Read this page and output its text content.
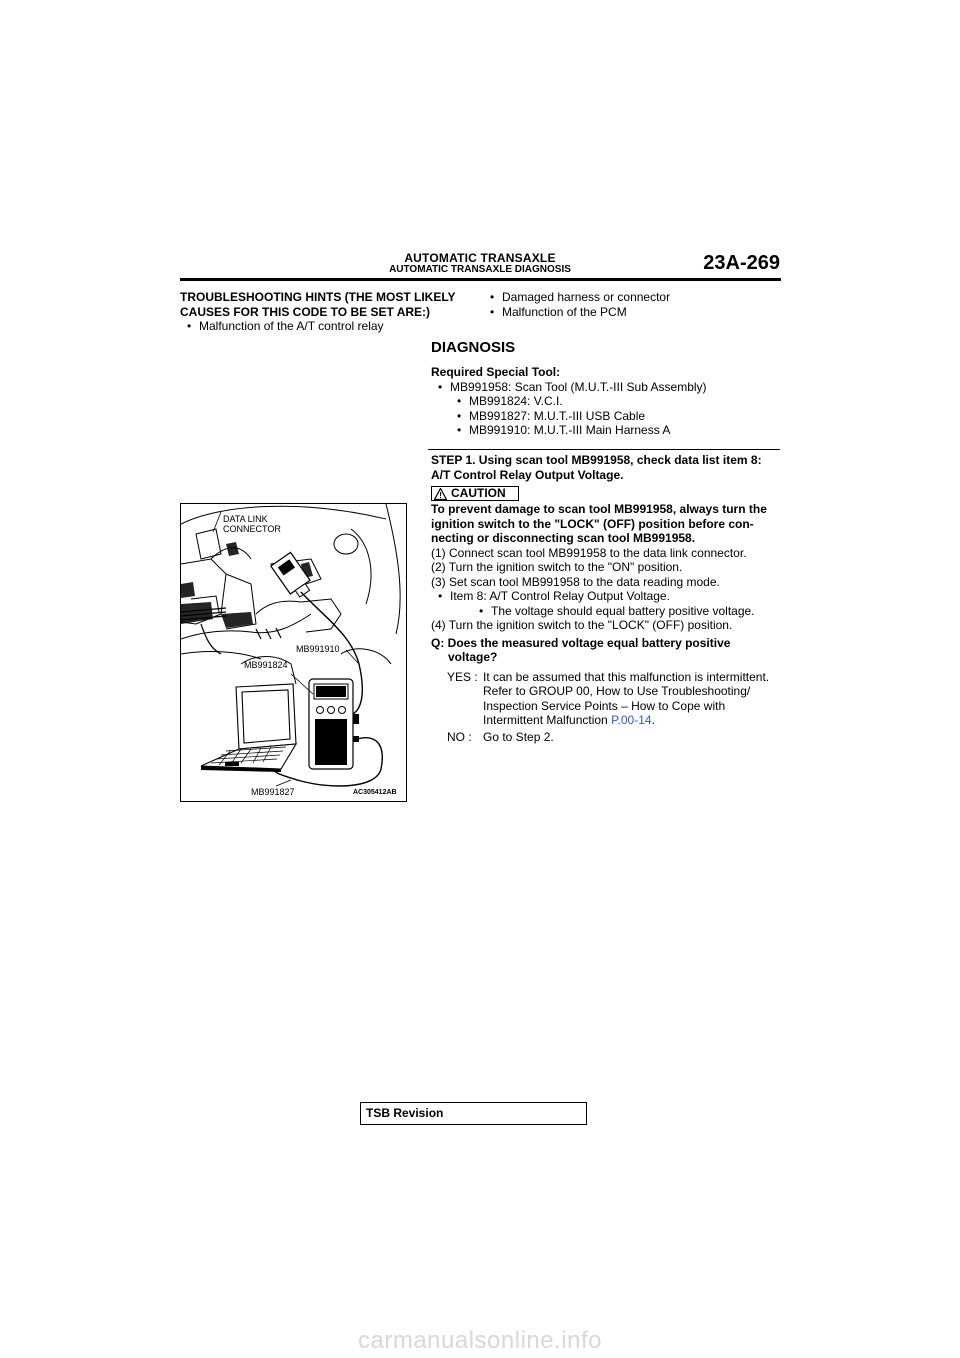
AUTOMATIC TRANSAXLE
AUTOMATIC TRANSAXLE DIAGNOSIS	23A-269
TROUBLESHOOTING HINTS (THE MOST LIKELY
CAUSES FOR THIS CODE TO BE SET ARE:)
• Malfunction of the A/T control relay
• Damaged harness or connector
• Malfunction of the PCM
DIAGNOSIS
Required Special Tool:
• MB991958: Scan Tool (M.U.T.-III Sub Assembly)
• MB991824: V.C.I.
• MB991827: M.U.T.-III USB Cable
• MB991910: M.U.T.-III Main Harness A
STEP 1. Using scan tool MB991958, check data list item 8:
A/T Control Relay Output Voltage.
CAUTION
To prevent damage to scan tool MB991958, always turn the
ignition switch to the "LOCK" (OFF) position before con-
necting or disconnecting scan tool MB991958.
(1) Connect scan tool MB991958 to the data link connector.
(2) Turn the ignition switch to the "ON" position.
(3) Set scan tool MB991958 to the data reading mode.
• Item 8: A/T Control Relay Output Voltage.
• The voltage should equal battery positive voltage.
(4) Turn the ignition switch to the "LOCK" (OFF) position.
Q: Does the measured voltage equal battery positive
voltage?
YES : It can be assumed that this malfunction is intermittent.
Refer to GROUP 00, How to Use Troubleshooting/
Inspection Service Points – How to Cope with
Intermittent Malfunction P.00-14.
NO : Go to Step 2.
DATA LINK
CONNECTOR
MB991910
MB991824
MB991827	AC305412AB
TSB Revision
carmanualsonline.info
